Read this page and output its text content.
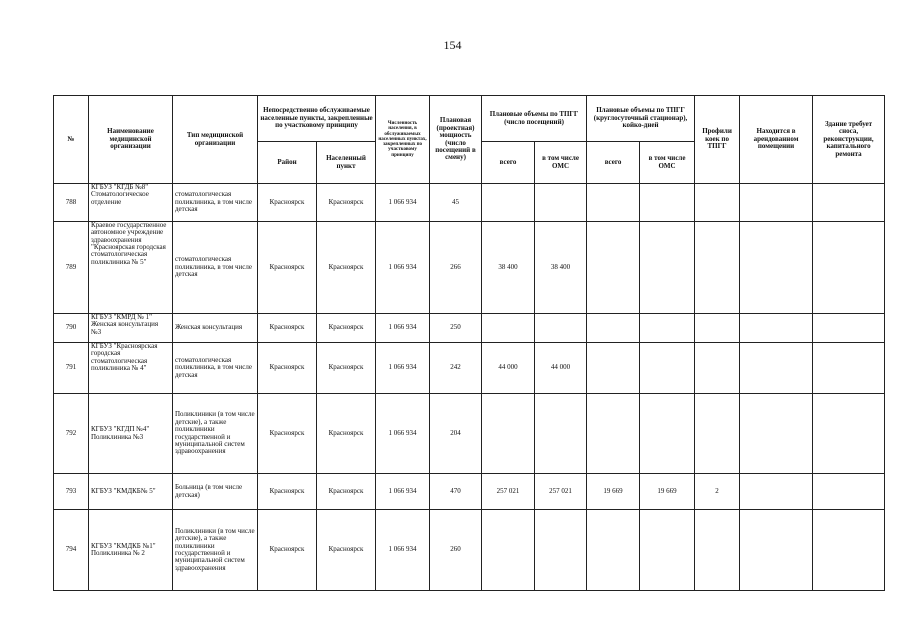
154
№	Наименование медицинской организации	Тип медицинской организации	Непосредственно обслуживаемые населенные пункты, закрепленные по участковому принципу		Численность населения, в обслуживаемых населенных пунктах, закрепленных по участковому принципу	Плановая (проектная) мощность (число посещений в смену)	Плановые объемы по ТПГГ (число посещений)		Плановые объемы по ТПГГ (круглосуточный стационар), койко-дней		Профили коек по ТПГГ	Находится в арендованном помещении	Здание требует сноса, реконструкции, капитального ремонта
			Район	Населенный пункт			всего	в том числе ОМС	всего	в том числе ОМС			
788	КГБУЗ "КГДБ №8" Стоматологическое отделение	стоматологическая поликлиника, в том числе детская	Красноярск	Красноярск	1 066 934	45							
789	Краевое государственное автономное учреждение здравоохранения "Красноярская городская стоматологическая поликлиника № 5"	стоматологическая поликлиника, в том числе детская	Красноярск	Красноярск	1 066 934	266	38 400	38 400					
790	КГБУЗ "КМРД № 1" Женская консультация №3	Женская консультация	Красноярск	Красноярск	1 066 934	250							
791	КГБУЗ "Красноярская городская стоматологическая поликлиника № 4"	стоматологическая поликлиника, в том числе детская	Красноярск	Красноярск	1 066 934	242	44 000	44 000					
792	КГБУЗ "КГДП №4" Поликлиника №3	Поликлиники (в том числе детские), а также поликлиники государственной и муниципальной систем здравоохранения	Красноярск	Красноярск	1 066 934	204							
793	КГБУЗ "КМДКБ№ 5"	Больница (в том числе детская)	Красноярск	Красноярск	1 066 934	470	257 021	257 021	19 669	19 669	2		
794	КГБУЗ "КМДКБ №1" Поликлиника № 2	Поликлиники (в том числе детские), а также поликлиники государственной и муниципальной систем здравоохранения	Красноярск	Красноярск	1 066 934	260							
